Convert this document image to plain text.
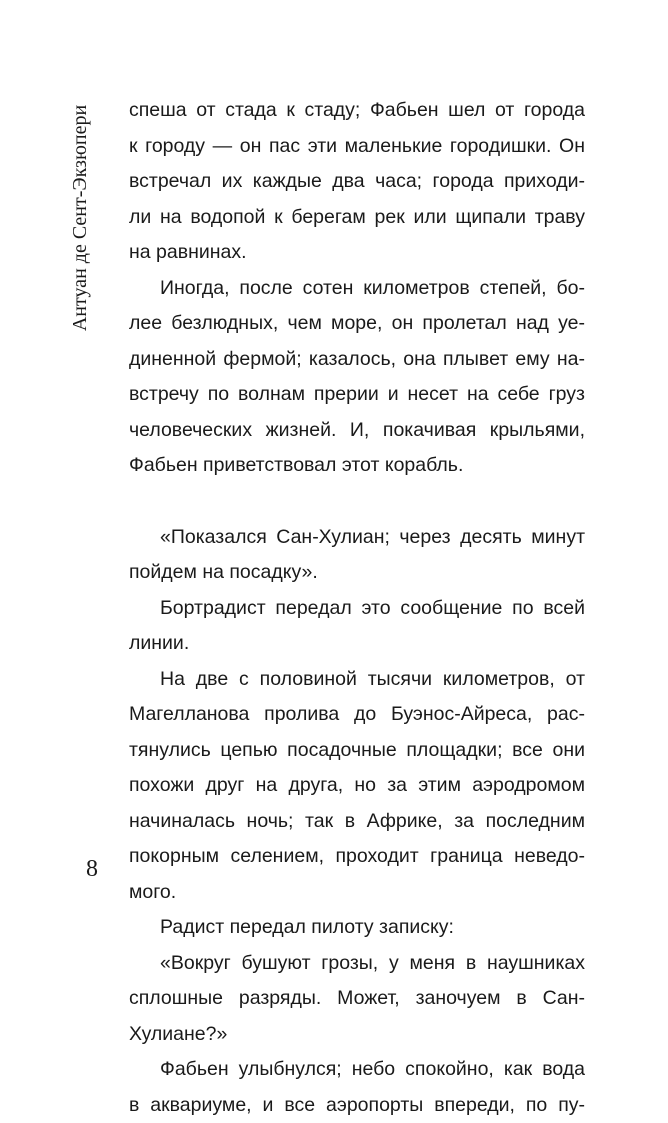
Антуан де Сент-Экзюпери
8
спеша от стада к стаду; Фабьен шел от города
к городу — он пас эти маленькие городишки. Он
встречал их каждые два часа; города приходи-
ли на водопой к берегам рек или щипали траву
на равнинах.
Иногда, после сотен километров степей, бо-
лее безлюдных, чем море, он пролетал над уе-
диненной фермой; казалось, она плывет ему на-
встречу по волнам прерии и несет на себе груз
человеческих жизней. И, покачивая крыльями,
Фабьен приветствовал этот корабль.
«Показался Сан-Хулиан; через десять минут
пойдем на посадку».
Бортрадист передал это сообщение по всей
линии.
На две с половиной тысячи километров, от
Магелланова пролива до Буэнос-Айреса, рас-
тянулись цепью посадочные площадки; все они
похожи друг на друга, но за этим аэродромом
начиналась ночь; так в Африке, за последним
покорным селением, проходит граница неведо-
мого.
Радист передал пилоту записку:
«Вокруг бушуют грозы, у меня в наушниках
сплошные разряды. Может, заночуем в Сан-
Хулиане?»
Фабьен улыбнулся; небо спокойно, как вода
в аквариуме, и все аэропорты впереди, по пу-
